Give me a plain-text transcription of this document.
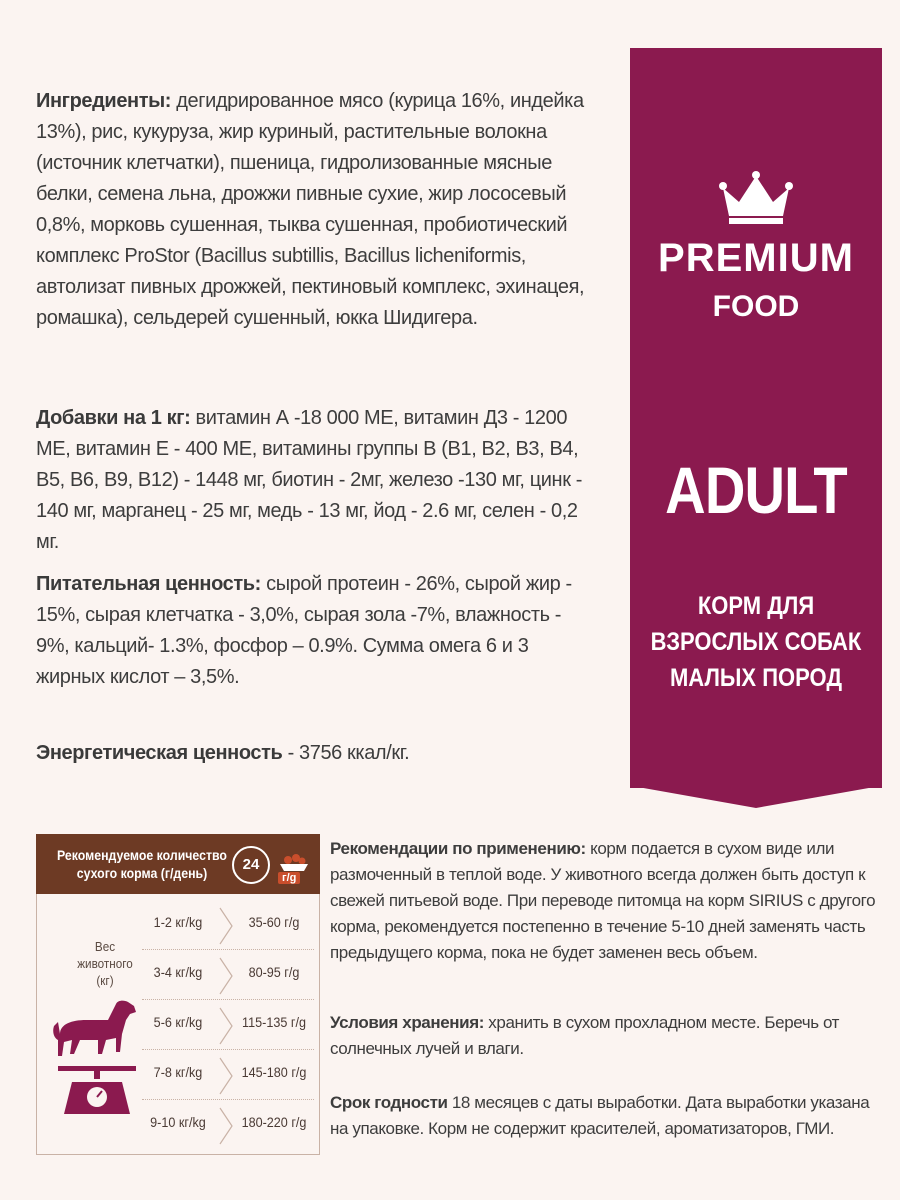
Ингредиенты: дегидрированное мясо (курица 16%, индейка 13%), рис, кукуруза, жир куриный, растительные волокна (источник клетчатки), пшеница, гидролизованные мясные белки, семена льна, дрожжи пивные сухие, жир лососевый 0,8%, морковь сушенная, тыква сушенная, пробиотический комплекс ProStor (Bacillus subtillis, Bacillus licheniformis, автолизат пивных дрожжей, пектиновый комплекс, эхинацея, ромашка), сельдерей сушенный, юкка Шидигера.
Добавки на 1 кг: витамин А -18 000 МЕ, витамин Д3 - 1200 МЕ, витамин Е - 400 МЕ, витамины группы В (В1, В2, В3, В4, В5, В6, В9, В12) - 1448 мг, биотин - 2мг, железо -130 мг, цинк - 140 мг, марганец - 25 мг, медь - 13 мг, йод - 2.6 мг, селен - 0,2 мг.
Питательная ценность: сырой протеин - 26%, сырой жир - 15%, сырая клетчатка - 3,0%, сырая зола -7%, влажность - 9%, кальций- 1.3%, фосфор – 0.9%. Сумма омега 6 и 3 жирных кислот – 3,5%.
Энергетическая ценность - 3756 ккал/кг.
PREMIUM
FOOD
ADULT
КОРМ ДЛЯ
ВЗРОСЛЫХ СОБАК
МАЛЫХ ПОРОД
Рекомендуемое количество
сухого корма (г/день)	24
г/g
Вес
животного
(кг)
1-2 кг/kg	35-60 г/g
3-4 кг/kg	80-95 г/g
5-6 кг/kg	115-135 г/g
7-8 кг/kg	145-180 г/g
9-10 кг/kg	180-220 г/g
Рекомендации по применению: корм подается в сухом виде или размоченный в теплой воде. У животного всегда должен быть доступ к свежей питьевой воде. При переводе питомца на корм SIRIUS с другого корма, рекомендуется постепенно в течение 5-10 дней заменять часть предыдущего корма, пока не будет заменен весь объем.
Условия хранения: хранить в сухом прохладном месте. Беречь от солнечных лучей и влаги.
Срок годности 18 месяцев с даты выработки. Дата выработки указана на упаковке. Корм не содержит красителей, ароматизаторов, ГМИ.
